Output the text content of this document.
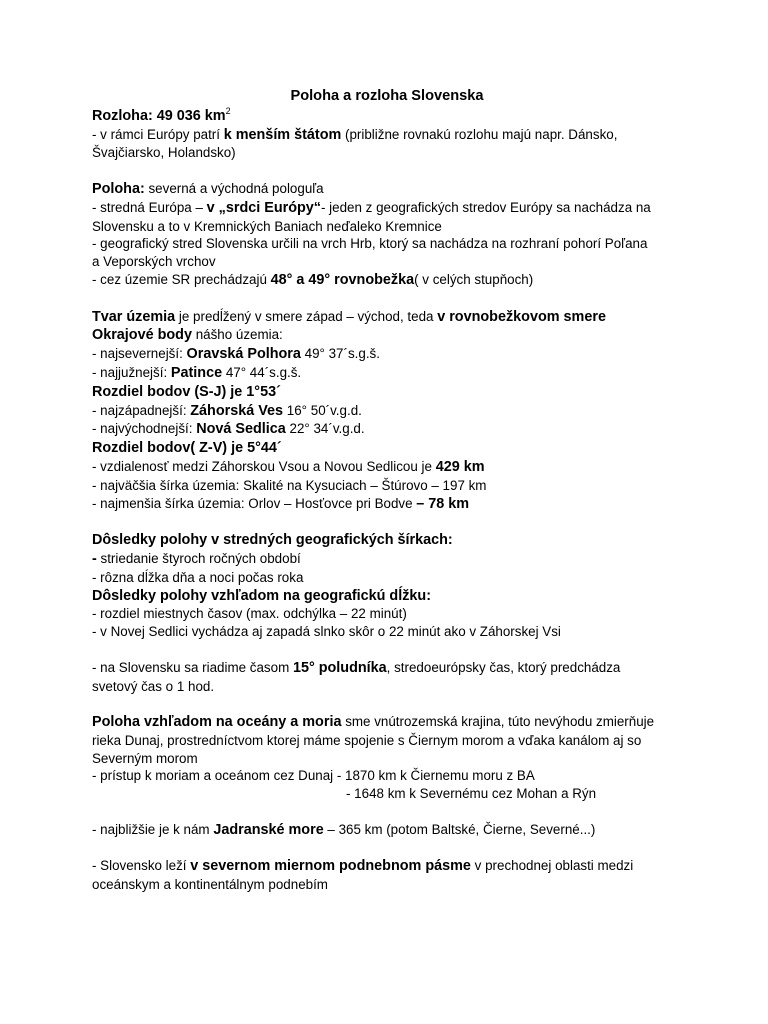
Poloha a rozloha Slovenska
Rozloha: 49 036 $km^2$
- v rámci Európy patrí k menším štátom (približne rovnakú rozlohu majú napr. Dánsko,
Švajčiarsko, Holandsko)
Poloha: severná a východná pologuľa
- stredná Európa – v „srdci Európy“- jeden z geografických stredov Európy sa nachádza na
Slovensku a to v Kremnických Baniach neďaleko Kremnice
- geografický stred Slovenska určili na vrch Hrb, ktorý sa nachádza na rozhraní pohorí Poľana
a Veporských vrchov
- cez územie SR prechádzajú 48° a 49° rovnobežka( v celých stupňoch)
Tvar územia je predĺžený v smere západ – východ, teda v rovnobežkovom smere
Okrajové body nášho územia:
- najsevernejší: Oravská Polhora 49° 37´s.g.š.
- najjužnejší: Patince 47° 44´s.g.š.
Rozdiel bodov (S-J) je 1°53´
- najzápadnejší: Záhorská Ves 16° 50´v.g.d.
- najvýchodnejší: Nová Sedlica 22° 34´v.g.d.
Rozdiel bodov( Z-V) je 5°44´
- vzdialenosť medzi Záhorskou Vsou a Novou Sedlicou je 429 km
- najväčšia šírka územia: Skalité na Kysuciach – Štúrovo – 197 km
- najmenšia šírka územia: Orlov – Hosťovce pri Bodve – 78 km
Dôsledky polohy v stredných geografických šírkach:
- striedanie štyroch ročných období
- rôzna dĺžka dňa a noci počas roka
Dôsledky polohy vzhľadom na geografickú dĺžku:
- rozdiel miestnych časov (max. odchýlka – 22 minút)
- v Novej Sedlici vychádza aj zapadá slnko skôr o 22 minút ako v Záhorskej Vsi
- na Slovensku sa riadime časom 15° poludníka, stredoeurópsky čas, ktorý predchádza
svetový čas o 1 hod.
Poloha vzhľadom na oceány a moria sme vnútrozemská krajina, túto nevýhodu zmierňuje
rieka Dunaj, prostredníctvom ktorej máme spojenie s Čiernym morom a vďaka kanálom aj so
Severným morom
- prístup k moriam a oceánom cez Dunaj - 1870 km k Čiernemu moru z BA
- 1648 km k Severnému cez Mohan a Rýn
- najbližšie je k nám Jadranské more – 365 km (potom Baltské, Čierne, Severné...)
- Slovensko leží v severnom miernom podnebnom pásme v prechodnej oblasti medzi
oceánskym a kontinentálnym podnebím
